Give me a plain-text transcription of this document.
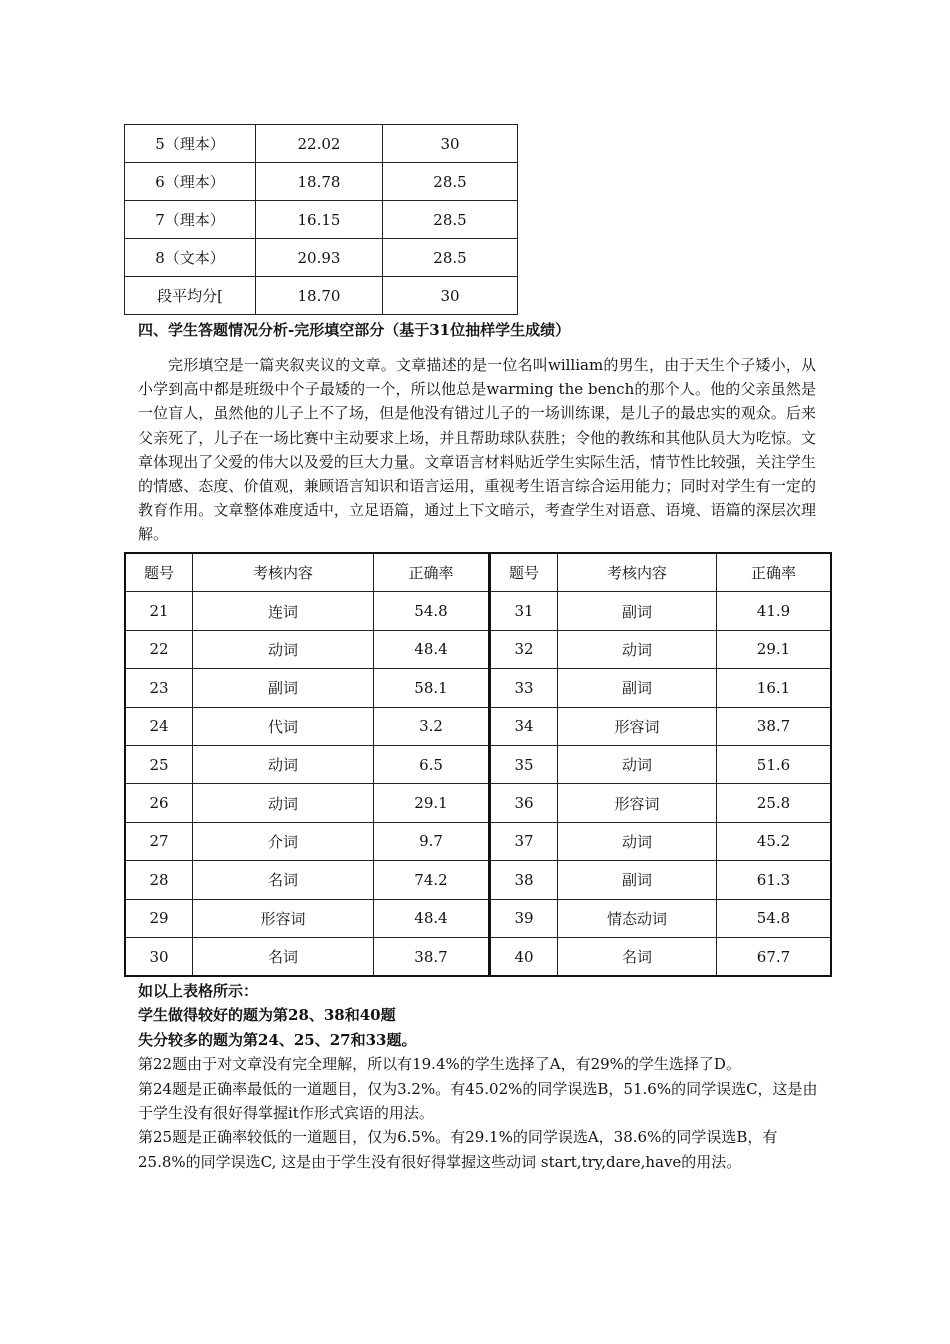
5（理本）	22.02	30
6（理本）	18.78	28.5
7（理本）	16.15	28.5
8（文本）	20.93	28.5
段平均分[	18.70	30

四、学生答题情况分析-完形填空部分（基于31位抽样学生成绩）

完形填空是一篇夹叙夹议的文章。文章描述的是一位名叫william的男生，由于天生个子矮小，从小学到高中都是班级中个子最矮的一个，所以他总是warming the bench的那个人。他的父亲虽然是一位盲人，虽然他的儿子上不了场，但是他没有错过儿子的一场训练课，是儿子的最忠实的观众。后来父亲死了，儿子在一场比赛中主动要求上场，并且帮助球队获胜；令他的教练和其他队员大为吃惊。文章体现出了父爱的伟大以及爱的巨大力量。文章语言材料贴近学生实际生活，情节性比较强，关注学生的情感、态度、价值观，兼顾语言知识和语言运用，重视考生语言综合运用能力；同时对学生有一定的教育作用。文章整体难度适中，立足语篇，通过上下文暗示，考查学生对语意、语境、语篇的深层次理解。

题号	考核内容	正确率	题号	考核内容	正确率
21	连词	54.8	31	副词	41.9
22	动词	48.4	32	动词	29.1
23	副词	58.1	33	副词	16.1
24	代词	3.2	34	形容词	38.7
25	动词	6.5	35	动词	51.6
26	动词	29.1	36	形容词	25.8
27	介词	9.7	37	动词	45.2
28	名词	74.2	38	副词	61.3
29	形容词	48.4	39	情态动词	54.8
30	名词	38.7	40	名词	67.7

如以上表格所示：

学生做得较好的题为第28、38和40题

失分较多的题为第24、25、27和33题。

第22题由于对文章没有完全理解，所以有19.4%的学生选择了A，有29%的学生选择了D。

第24题是正确率最低的一道题目，仅为3.2%。有45.02%的同学误选B，51.6%的同学误选C，这是由于学生没有很好得掌握it作形式宾语的用法。

第25题是正确率较低的一道题目，仅为6.5%。有29.1%的同学误选A，38.6%的同学误选B，有25.8%的同学误选C, 这是由于学生没有很好得掌握这些动词 start,try,dare,have的用法。
